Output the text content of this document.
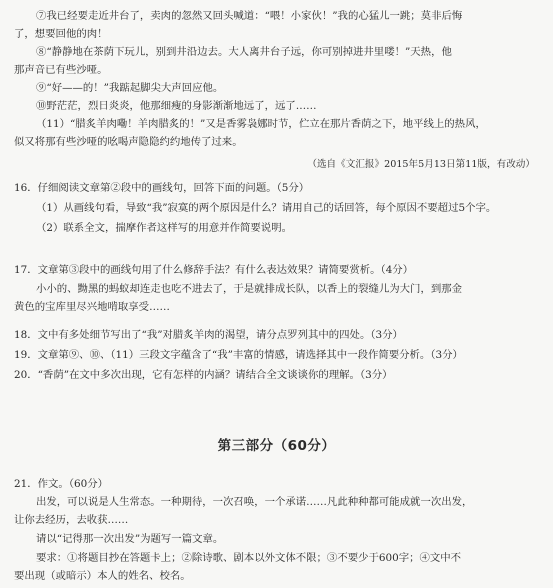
⑦我已经要走近井台了，卖肉的忽然又回头喊道：“喂！小家伙！”我的心猛儿一跳；莫非后悔
了，想要回他的肉！
⑧“静静地在茶荫下玩儿，别到井沿边去。大人离井台子远，你可别掉进井里喽！”天热，他
那声音已有些沙哑。
⑨“好——的！”我踮起脚尖大声回应他。
⑩野茫茫，烈日炎炎，他那细瘦的身影渐渐地远了，远了……
（11）“腊炙羊肉嘞！羊肉腊炙的！”又是香雾袅娜时节，伫立在那片香荫之下，地平线上的热风，
似又将那有些沙哑的吆喝声隐隐约约地传了过来。
（选自《文汇报》2015年5月13日第11版，有改动）
16．仔细阅读文章第②段中的画线句，回答下面的问题。（5分）
（1）从画线句看，导致“我”寂寞的两个原因是什么？请用自己的话回答，每个原因不要超过5个字。
（2）联系全文，揣摩作者这样写的用意并作简要说明。
17．文章第③段中的画线句用了什么修辞手法？有什么表达效果？请简要赏析。（4分）
小小的、黝黑的蚂蚁却连走也吃不进去了，于是就排成长队，以香上的裂缝儿为大门，到那金
黄色的宝库里尽兴地啃取享受……
18．文中有多处细节写出了“我”对腊炙羊肉的渴望，请分点罗列其中的四处。（3分）
19．文章第⑨、⑩、（11）三段文字蕴含了“我”丰富的情感，请选择其中一段作简要分析。（3分）
20．“香荫”在文中多次出现，它有怎样的内涵？请结合全文谈谈你的理解。（3分）
第三部分（60分）
21．作文。（60分）
出发，可以说是人生常态。一种期待，一次召唤，一个承诺……凡此种种都可能成就一次出发，
让你去经历，去收获……
请以“记得那一次出发”为题写一篇文章。
要求：①将题目抄在答题卡上；②除诗歌、剧本以外文体不限；③不要少于600字；④文中不
要出现（或暗示）本人的姓名、校名。
